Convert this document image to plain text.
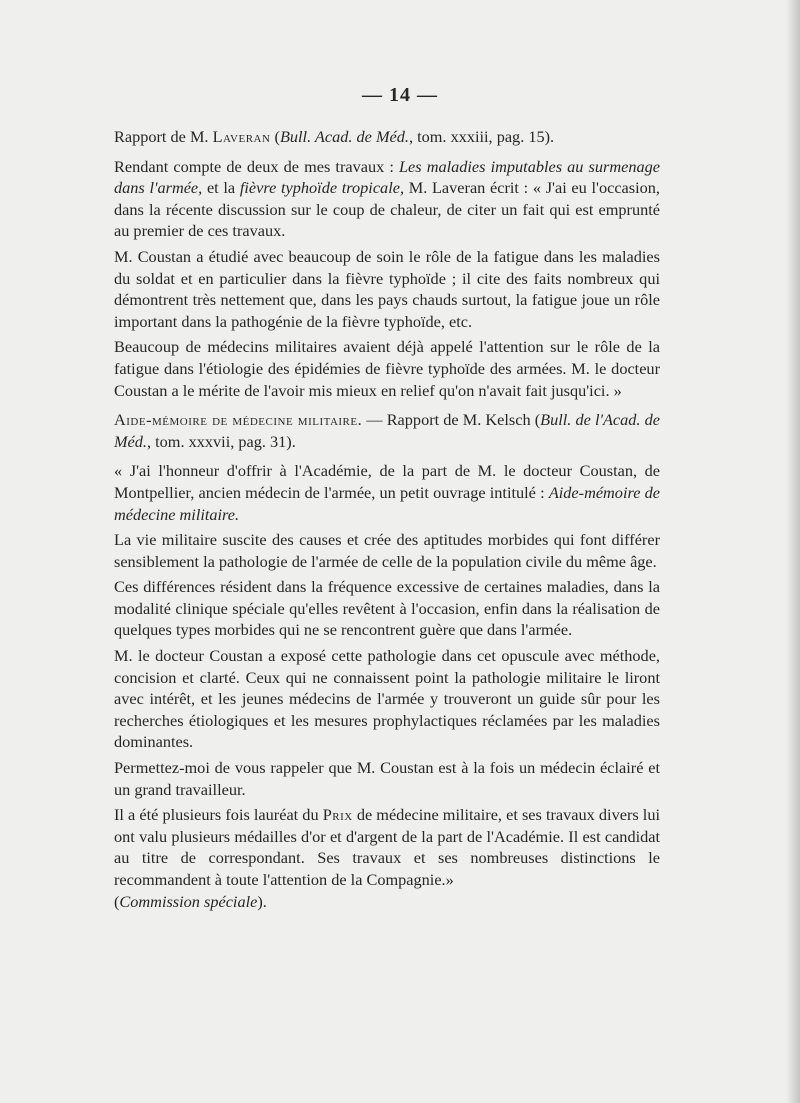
— 14 —

Rapport de M. Laveran (Bull. Acad. de Méd., tom. xxxiii, pag. 15).

Rendant compte de deux de mes travaux : Les maladies imputables au surmenage dans l'armée, et la fièvre typhoïde tropicale, M. Laveran écrit : « J'ai eu l'occasion, dans la récente discussion sur le coup de chaleur, de citer un fait qui est emprunté au premier de ces travaux.

M. Coustan a étudié avec beaucoup de soin le rôle de la fatigue dans les maladies du soldat et en particulier dans la fièvre typhoïde ; il cite des faits nombreux qui démontrent très nettement que, dans les pays chauds surtout, la fatigue joue un rôle important dans la pathogénie de la fièvre typhoïde, etc.

Beaucoup de médecins militaires avaient déjà appelé l'attention sur le rôle de la fatigue dans l'étiologie des épidémies de fièvre typhoïde des armées. M. le docteur Coustan a le mérite de l'avoir mis mieux en relief qu'on n'avait fait jusqu'ici. »

Aide-mémoire de médecine militaire. — Rapport de M. Kelsch (Bull. de l'Acad. de Méd., tom. xxxvii, pag. 31).

« J'ai l'honneur d'offrir à l'Académie, de la part de M. le docteur Coustan, de Montpellier, ancien médecin de l'armée, un petit ouvrage intitulé : Aide-mémoire de médecine militaire.

La vie militaire suscite des causes et crée des aptitudes morbides qui font différer sensiblement la pathologie de l'armée de celle de la population civile du même âge.

Ces différences résident dans la fréquence excessive de certaines maladies, dans la modalité clinique spéciale qu'elles revêtent à l'occasion, enfin dans la réalisation de quelques types morbides qui ne se rencontrent guère que dans l'armée.

M. le docteur Coustan a exposé cette pathologie dans cet opuscule avec méthode, concision et clarté. Ceux qui ne connaissent point la pathologie militaire le liront avec intérêt, et les jeunes médecins de l'armée y trouveront un guide sûr pour les recherches étiologiques et les mesures prophylactiques réclamées par les maladies dominantes.

Permettez-moi de vous rappeler que M. Coustan est à la fois un médecin éclairé et un grand travailleur.

Il a été plusieurs fois lauréat du Prix de médecine militaire, et ses travaux divers lui ont valu plusieurs médailles d'or et d'argent de la part de l'Académie. Il est candidat au titre de correspondant. Ses travaux et ses nombreuses distinctions le recommandent à toute l'attention de la Compagnie.»

(Commission spéciale).
